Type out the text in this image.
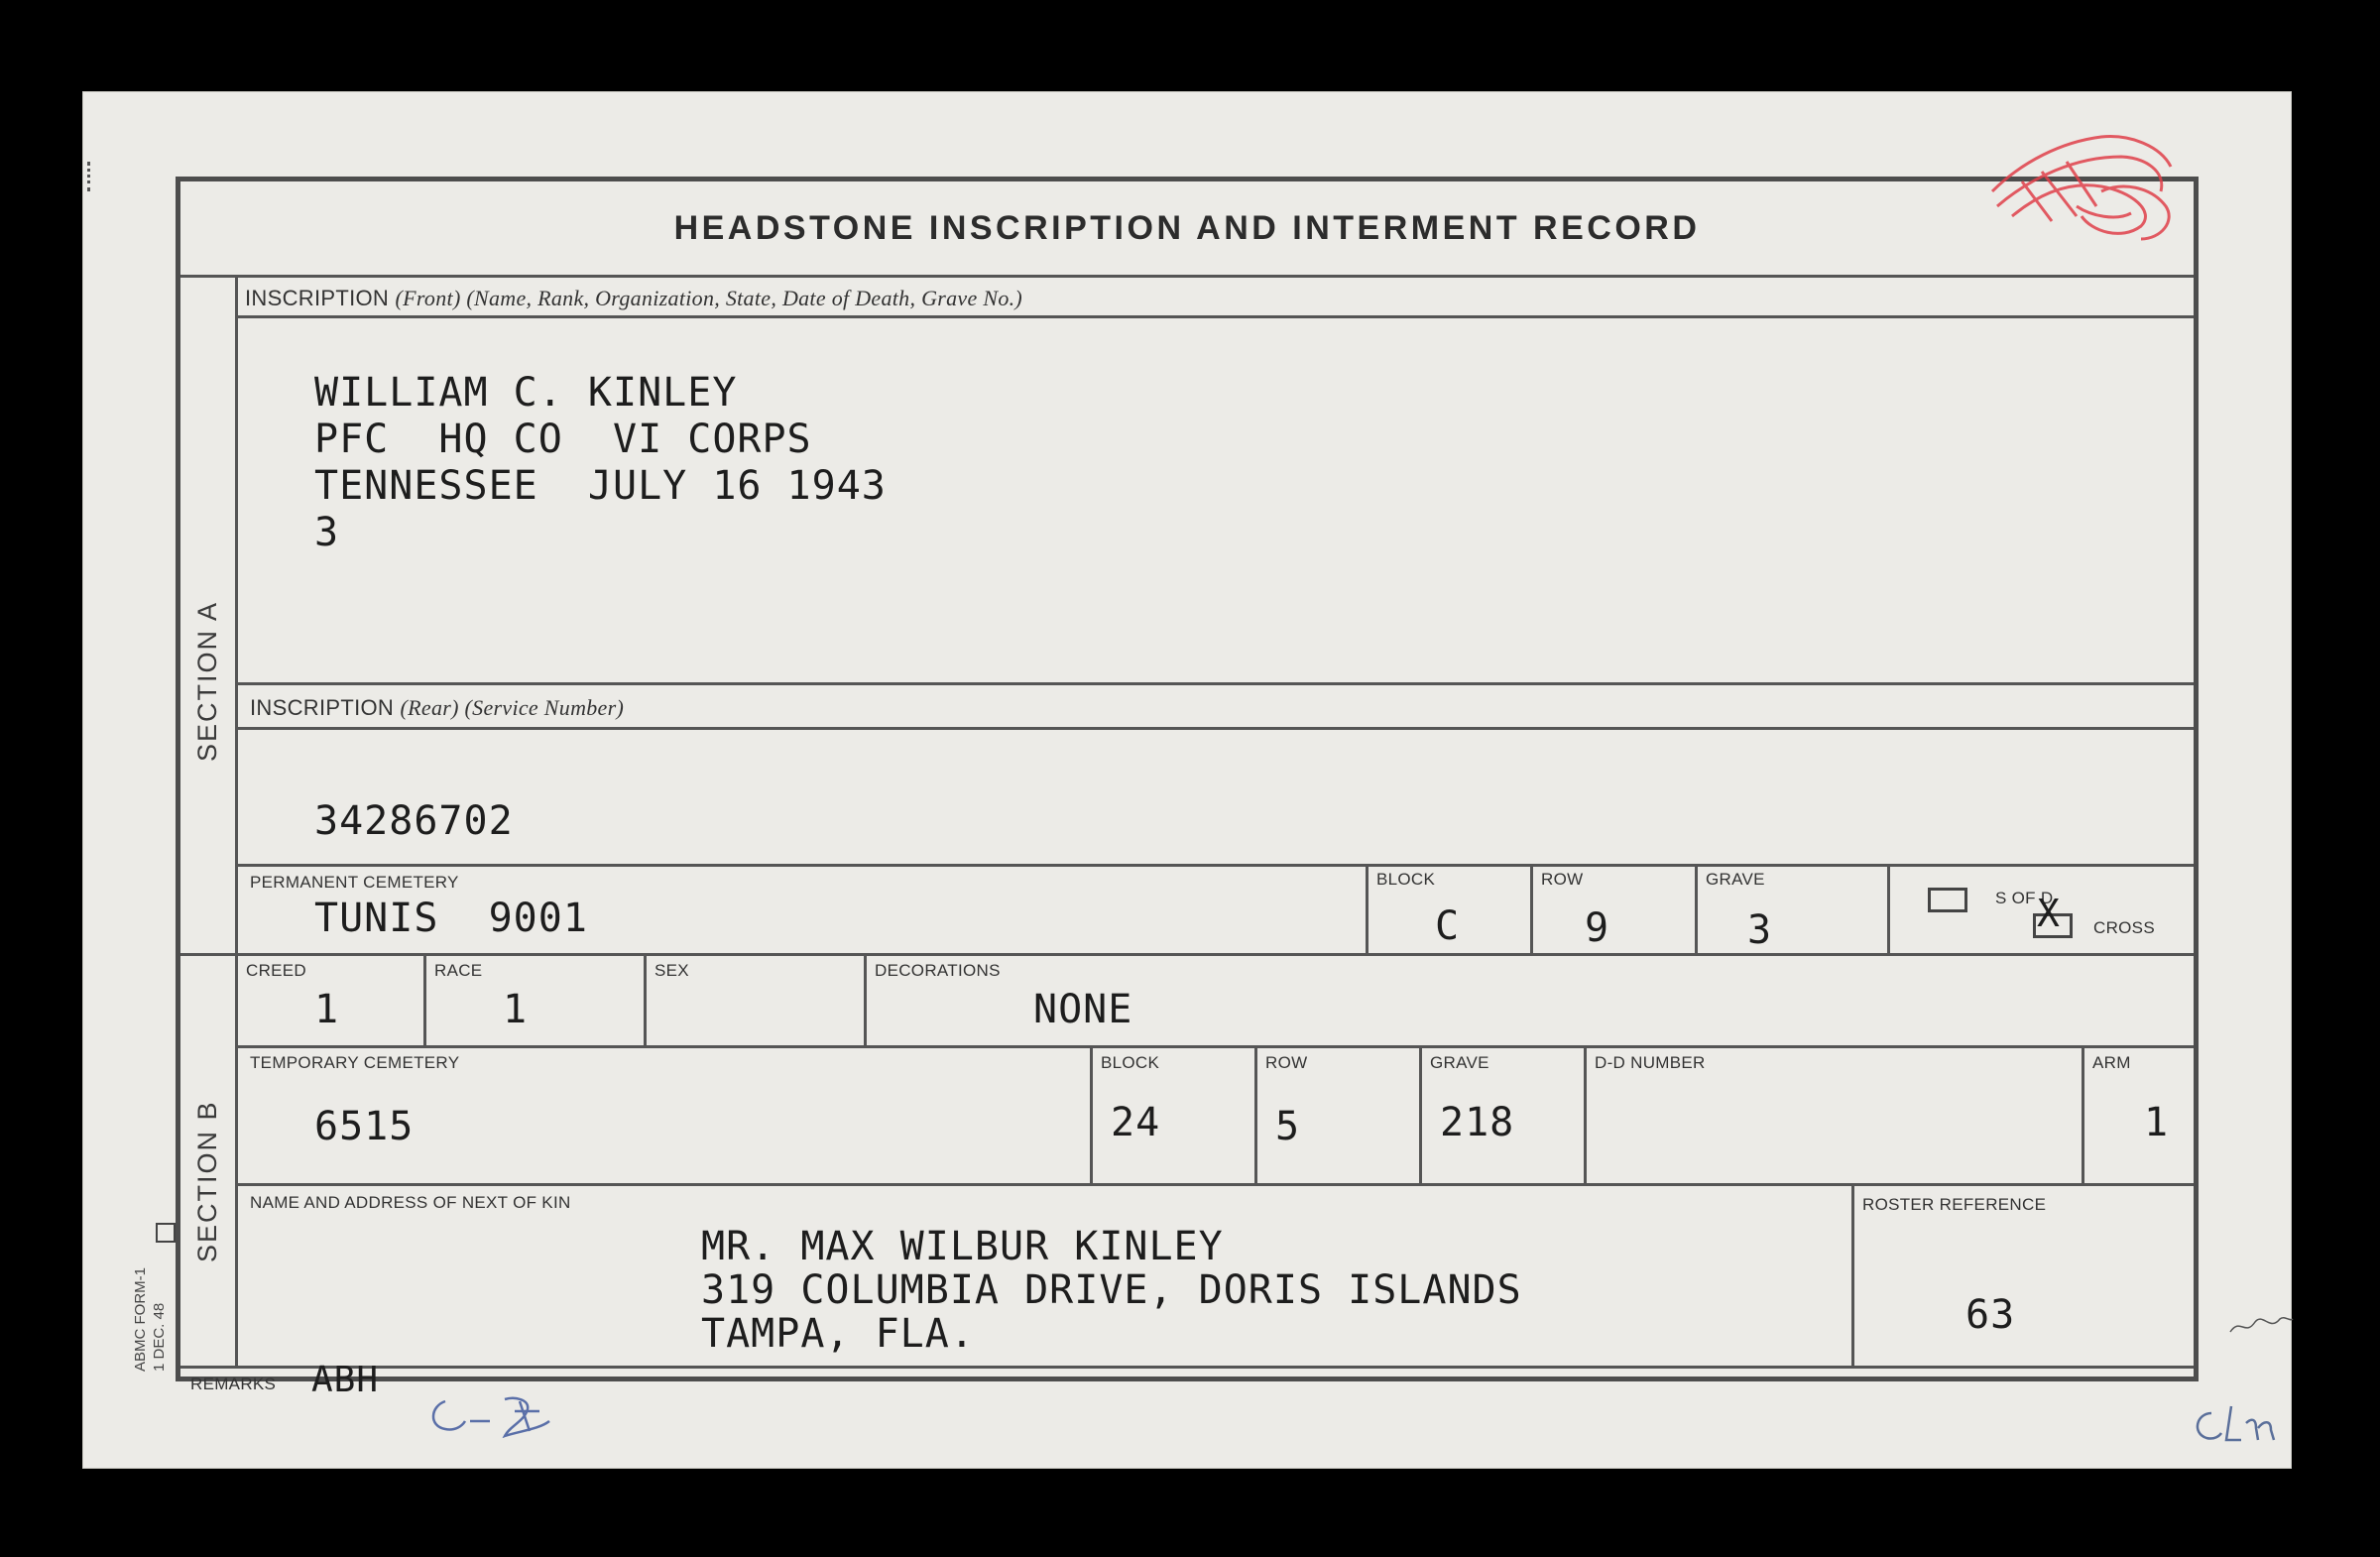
HEADSTONE INSCRIPTION AND INTERMENT RECORD
SECTION A
SECTION B
INSCRIPTION (Front) (Name, Rank, Organization, State, Date of Death, Grave No.)
WILLIAM C. KINLEY
PFC  HQ CO  VI CORPS
TENNESSEE  JULY 16 1943
3
INSCRIPTION (Rear) (Service Number)
34286702
PERMANENT CEMETERY
TUNIS  9001
BLOCK
C
ROW
9
GRAVE
3
S OF D
X CROSS
CREED
1
RACE
1
SEX	DECORATIONS
NONE
TEMPORARY CEMETERY
6515
BLOCK
24
ROW
5
GRAVE
218
D-D NUMBER	ARM
1
NAME AND ADDRESS OF NEXT OF KIN
MR. MAX WILBUR KINLEY
319 COLUMBIA DRIVE, DORIS ISLANDS
TAMPA, FLA.
ROSTER REFERENCE
63
REMARKS ABH
ABMC FORM-1 1 DEC. 48
